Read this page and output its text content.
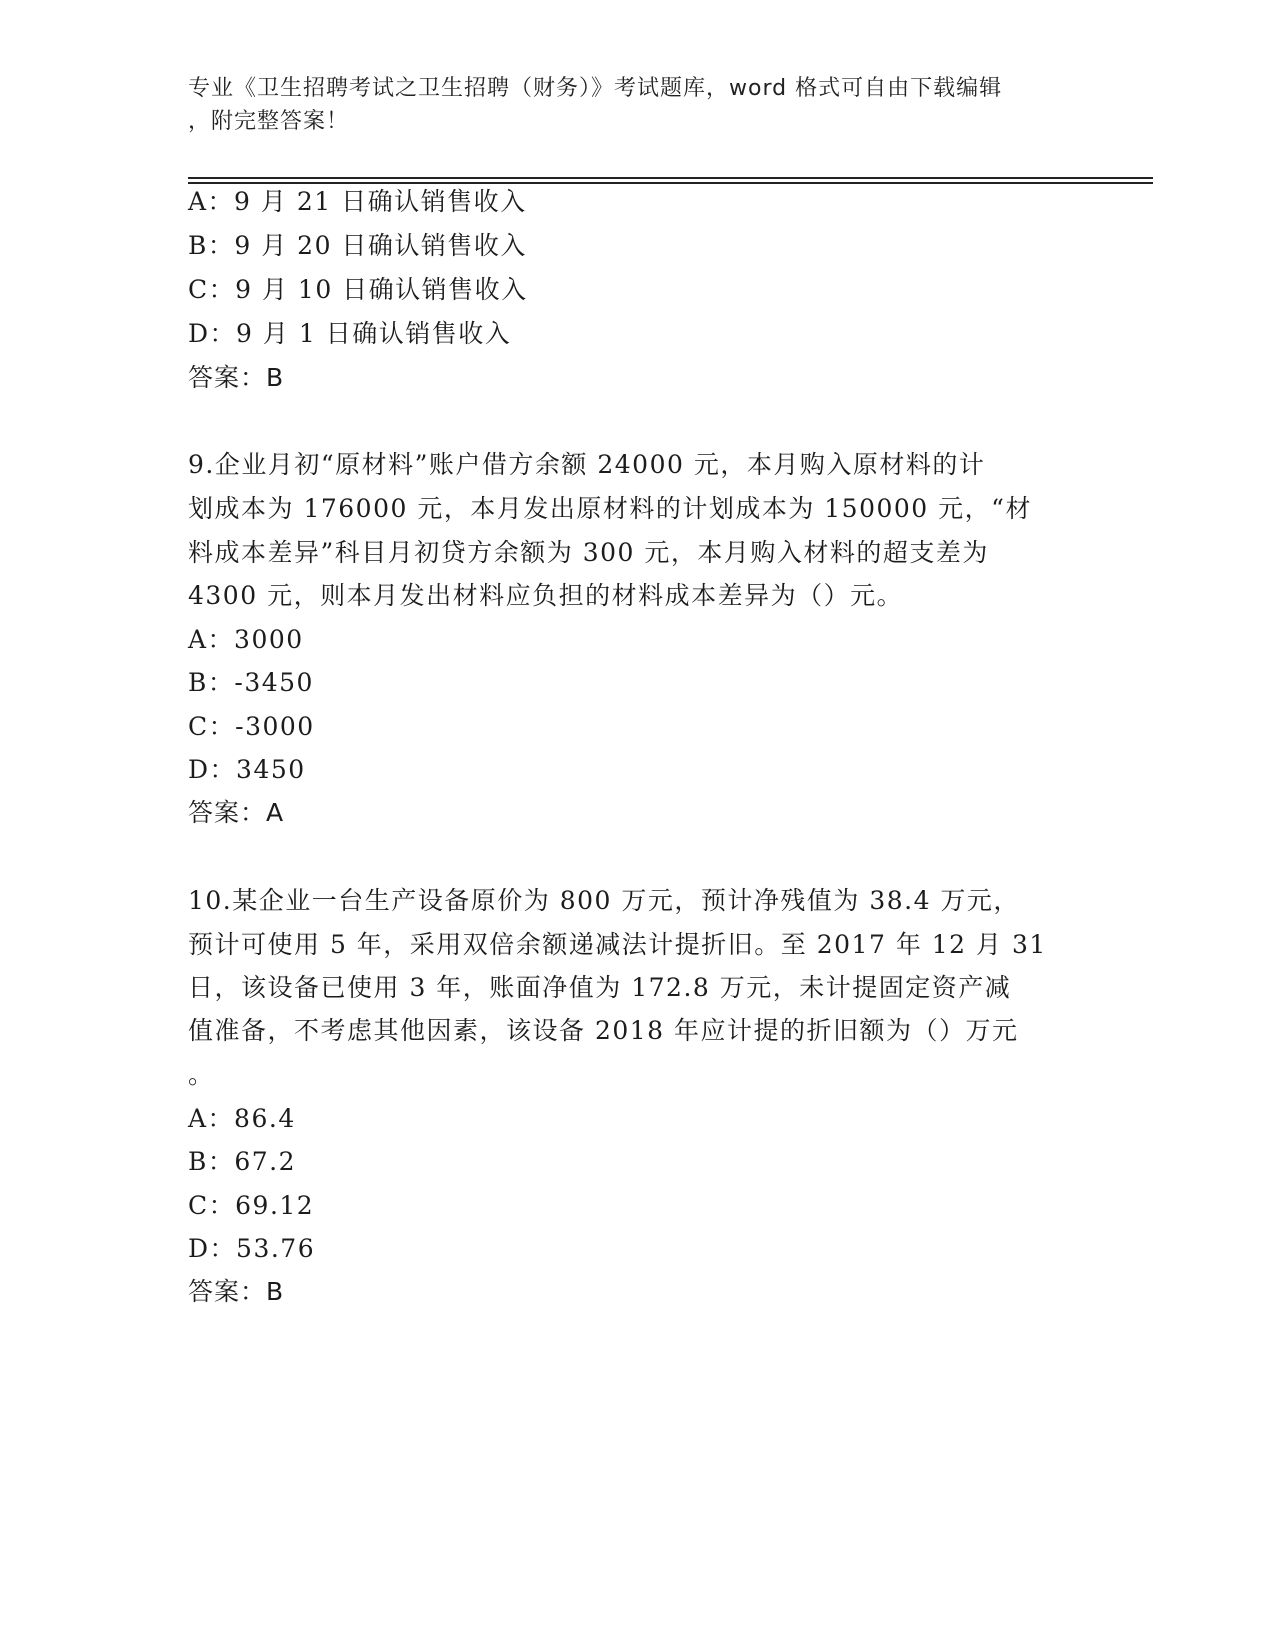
专业《卫生招聘考试之卫生招聘（财务）》考试题库，word 格式可自由下载编辑
，附完整答案！
A：9 月 21 日确认销售收入
B：9 月 20 日确认销售收入
C：9 月 10 日确认销售收入
D：9 月 1 日确认销售收入
答案：B
9.企业月初“原材料”账户借方余额 24000 元，本月购入原材料的计
划成本为 176000 元，本月发出原材料的计划成本为 150000 元，“材
料成本差异”科目月初贷方余额为 300 元，本月购入材料的超支差为
4300 元，则本月发出材料应负担的材料成本差异为（）元。
A：3000
B：-3450
C：-3000
D：3450
答案：A
10.某企业一台生产设备原价为 800 万元，预计净残值为 38.4 万元，
预计可使用 5 年，采用双倍余额递减法计提折旧。至 2017 年 12 月 31
日，该设备已使用 3 年，账面净值为 172.8 万元，未计提固定资产减
值准备，不考虑其他因素，该设备 2018 年应计提的折旧额为（）万元
。
A：86.4
B：67.2
C：69.12
D：53.76
答案：B
